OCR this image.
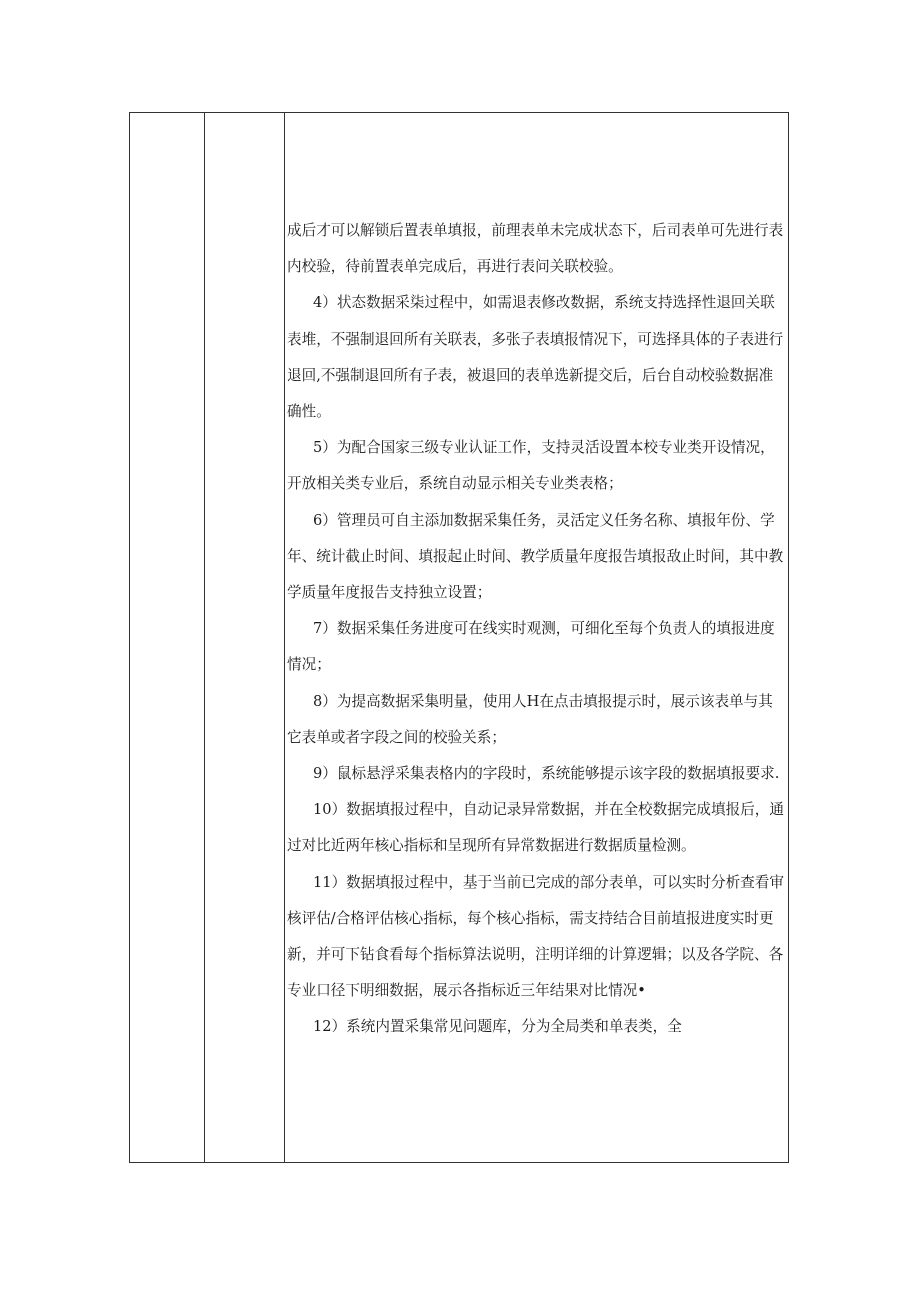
成后才可以解锁后置表单填报，前理表单未完成状态下，后司表单可先进行表内校验，待前置表单完成后，再进行表问关联校验。

4）状态数据采柒过程中，如需退表修改数据，系统支持选择性退回关联表堆，不强制退回所有关联表，多张子表填报情况下，可选择具体的子表进行退回,不强制退回所有子表，被退回的表单选新提交后，后台自动校验数据准确性。

5）为配合国家三级专业认证工作，支持灵活设置本校专业类开设情况，开放相关类专业后，系统自动显示相关专业类表格；

6）管理员可自主添加数据采集任务，灵活定义任务名称、填报年份、学年、统计截止时间、填报起止时间、教学质量年度报告填报敌止时间，其中教学质量年度报告支持独立设置；

7）数据采集任务进度可在线实时观测，可细化至每个负责人的填报进度情况；

8）为提高数据采集明量，使用人H在点击填报提示时，展示该表单与其它表单或者字段之间的校验关系；

9）鼠标悬浮采集表格内的字段时，系统能够提示该字段的数据填报要求.

10）数据填报过程中，自动记录异常数据，并在全校数据完成填报后，通过对比近两年核心指标和呈现所有异常数据进行数据质量检测。

11）数据填报过程中，基于当前已完成的部分表单，可以实时分析查看审核评估/合格评估核心指标，每个核心指标，需支持结合目前埴报进度实时更新，并可下钻食看每个指标算法说明，注明详细的计算逻辑；以及各学院、各专业口径下明细数据，展示各指标近三年结果对比情况•

12）系统内置采集常见问题库，分为全局类和单表类，全
